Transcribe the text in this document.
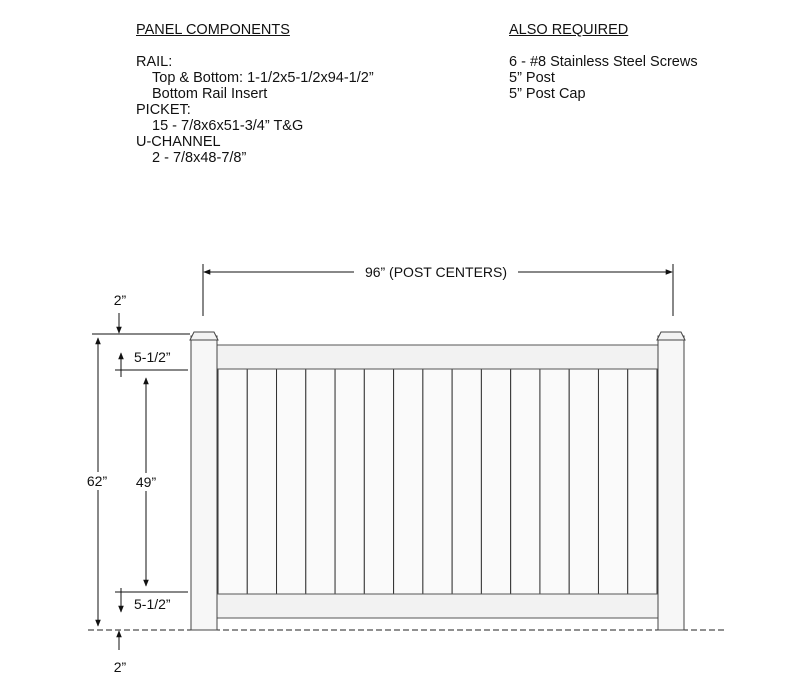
PANEL COMPONENTS
RAIL:
Top & Bottom: 1-1/2x5-1/2x94-1/2”
Bottom Rail Insert
PICKET:
15 - 7/8x6x51-3/4” T&G
U-CHANNEL
2 - 7/8x48-7/8”
ALSO REQUIRED
6 - #8 Stainless Steel Screws
5” Post
5” Post Cap
96” (POST CENTERS)
2”
62”
5-1/2”
49”
5-1/2”
2”
